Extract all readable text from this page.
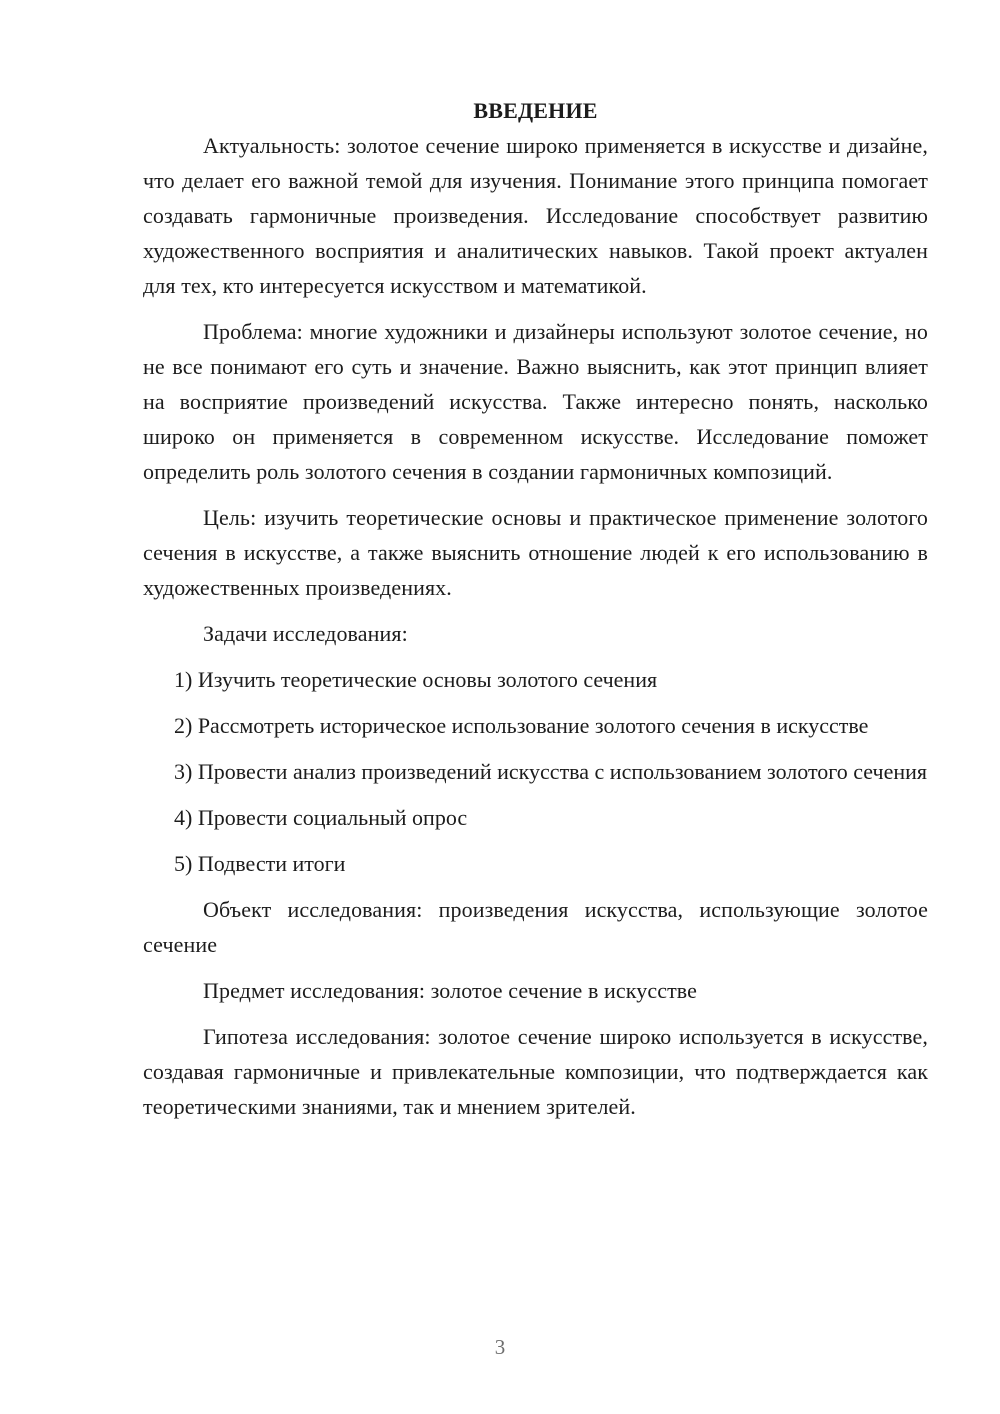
ВВЕДЕНИЕ

Актуальность: золотое сечение широко применяется в искусстве и дизайне, что делает его важной темой для изучения. Понимание этого принципа помогает создавать гармоничные произведения. Исследование способствует развитию художественного восприятия и аналитических навыков. Такой проект актуален для тех, кто интересуется искусством и математикой.

Проблема: многие художники и дизайнеры используют золотое сечение, но не все понимают его суть и значение. Важно выяснить, как этот принцип влияет на восприятие произведений искусства. Также интересно понять, насколько широко он применяется в современном искусстве. Исследование поможет определить роль золотого сечения в создании гармоничных композиций.

Цель: изучить теоретические основы и практическое применение золотого сечения в искусстве, а также выяснить отношение людей к его использованию в художественных произведениях.

Задачи исследования:

1) Изучить теоретические основы золотого сечения

2) Рассмотреть историческое использование золотого сечения в искусстве

3) Провести анализ произведений искусства с использованием золотого сечения

4) Провести социальный опрос

5) Подвести итоги

Объект исследования: произведения искусства, использующие золотое сечение

Предмет исследования: золотое сечение в искусстве

Гипотеза исследования: золотое сечение широко используется в искусстве, создавая гармоничные и привлекательные композиции, что подтверждается как теоретическими знаниями, так и мнением зрителей.

3
